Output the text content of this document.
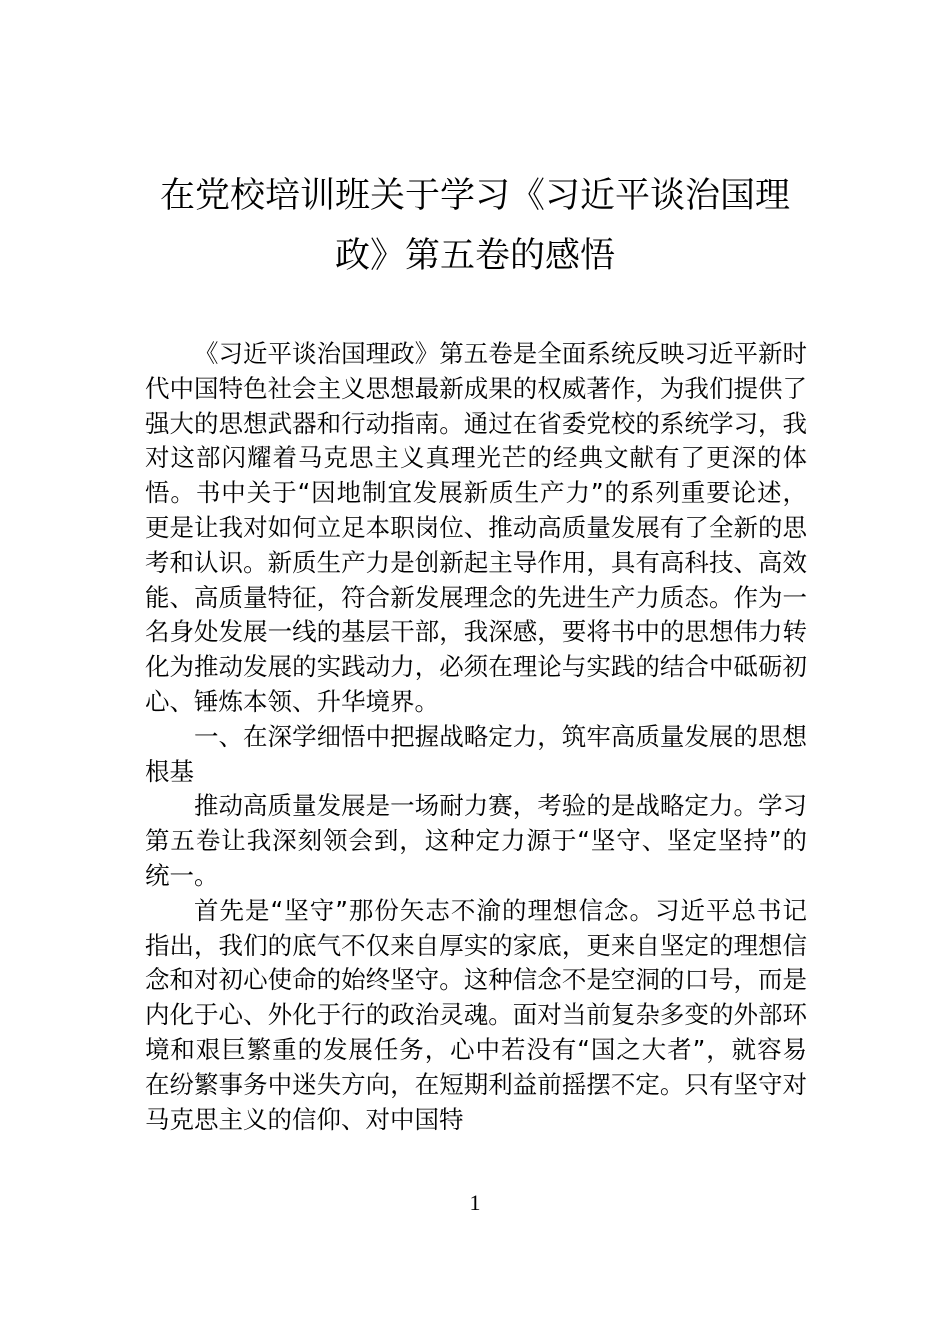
在党校培训班关于学习《习近平谈治国理政》第五卷的感悟

《习近平谈治国理政》第五卷是全面系统反映习近平新时代中国特色社会主义思想最新成果的权威著作，为我们提供了强大的思想武器和行动指南。通过在省委党校的系统学习，我对这部闪耀着马克思主义真理光芒的经典文献有了更深的体悟。书中关于“因地制宜发展新质生产力”的系列重要论述，更是让我对如何立足本职岗位、推动高质量发展有了全新的思考和认识。新质生产力是创新起主导作用，具有高科技、高效能、高质量特征，符合新发展理念的先进生产力质态。作为一名身处发展一线的基层干部，我深感，要将书中的思想伟力转化为推动发展的实践动力，必须在理论与实践的结合中砥砺初心、锤炼本领、升华境界。

一、在深学细悟中把握战略定力，筑牢高质量发展的思想根基

推动高质量发展是一场耐力赛，考验的是战略定力。学习第五卷让我深刻领会到，这种定力源于“坚守、坚定坚持”的统一。

首先是“坚守”那份矢志不渝的理想信念。习近平总书记指出，我们的底气不仅来自厚实的家底，更来自坚定的理想信念和对初心使命的始终坚守。这种信念不是空洞的口号，而是内化于心、外化于行的政治灵魂。面对当前复杂多变的外部环境和艰巨繁重的发展任务，心中若没有“国之大者”，就容易在纷繁事务中迷失方向，在短期利益前摇摆不定。只有坚守对马克思主义的信仰、对中国特

1
